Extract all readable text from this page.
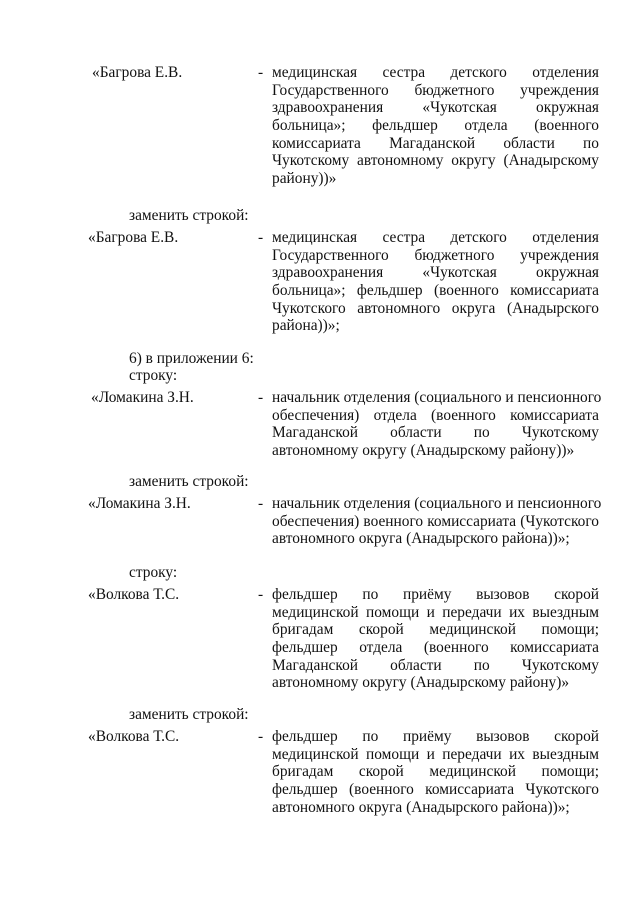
«Багрова Е.В.	- медицинская сестра детского отделения
Государственного бюджетного учреждения
здравоохранения «Чукотская окружная
больница»; фельдшер отдела (военного
комиссариата Магаданской области по
Чукотскому автономному округу (Анадырскому
району))»
заменить строкой:
«Багрова Е.В.	- медицинская сестра детского отделения
Государственного бюджетного учреждения
здравоохранения «Чукотская окружная
больница»; фельдшер (военного комиссариата
Чукотского автономного округа (Анадырского
района))»;
6) в приложении 6:
строку:
«Ломакина З.Н.	- начальник отделения (социального и пенсионного
обеспечения) отдела (военного комиссариата
Магаданской области по Чукотскому
автономному округу (Анадырскому району))»
заменить строкой:
«Ломакина З.Н.	- начальник отделения (социального и пенсионного
обеспечения) военного комиссариата (Чукотского
автономного округа (Анадырского района))»;
строку:
«Волкова Т.С.	- фельдшер по приёму вызовов скорой
медицинской помощи и передачи их выездным
бригадам скорой медицинской помощи;
фельдшер отдела (военного комиссариата
Магаданской области по Чукотскому
автономному округу (Анадырскому району)»
заменить строкой:
«Волкова Т.С.	- фельдшер по приёму вызовов скорой
медицинской помощи и передачи их выездным
бригадам скорой медицинской помощи;
фельдшер (военного комиссариата Чукотского
автономного округа (Анадырского района))»;
